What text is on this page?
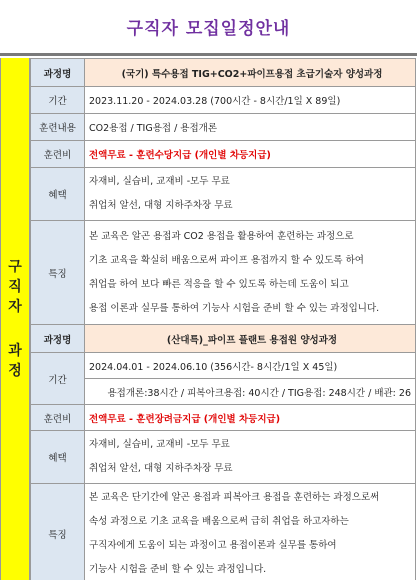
구직자 모집일정안내
구
직
자
과
정
과정명	(국기) 특수용접 TIG+CO2+파이프용접 초급기술자 양성과정
기간	2023.11.20 - 2024.03.28 (700시간 - 8시간/1일 X 89일)
훈련내용	CO2용접 / TIG용접 / 용접개론
훈련비	전액무료 - 훈련수당지급 (개인별 차등지급)
혜택	자재비, 실습비, 교재비 -모두 무료
취업처 알선, 대형 지하주차장 무료

특징	본 교육은 알곤 용접과 CO2 용접을 활용하여 훈련하는 과정으로
기초 교육을 확실히 배움으로써 파이프 용접까지 할 수 있도록 하여
취업을 하여 보다 빠른 적응을 할 수 있도록 하는데 도움이 되고
용접 이론과 실무를 통하여 기능사 시험을 준비 할 수 있는 과정입니다.
과정명	(산대특)_파이프 플랜트 용접원 양성과정
기간	2024.04.01 - 2024.06.10 (356시간- 8시간/1일 X 45일)
	용접개론:38시간 / 피복아크용접: 40시간 / TIG용접: 248시간 / 배관: 26
훈련비	전액무료 - 훈련장려금지급 (개인별 차등지급)
혜택	자재비, 실습비, 교재비 -모두 무료
취업처 알선, 대형 지하주차장 무료

특징	본 교육은 단기간에 알곤 용접과 피복아크 용접을 훈련하는 과정으로써
속성 과정으로 기초 교육을 배움으로써 급히 취업을 하고자하는
구직자에게 도움이 되는 과정이고 용접이론과 실무를 통하여
기능사 시험을 준비 할 수 있는 과정입니다.
